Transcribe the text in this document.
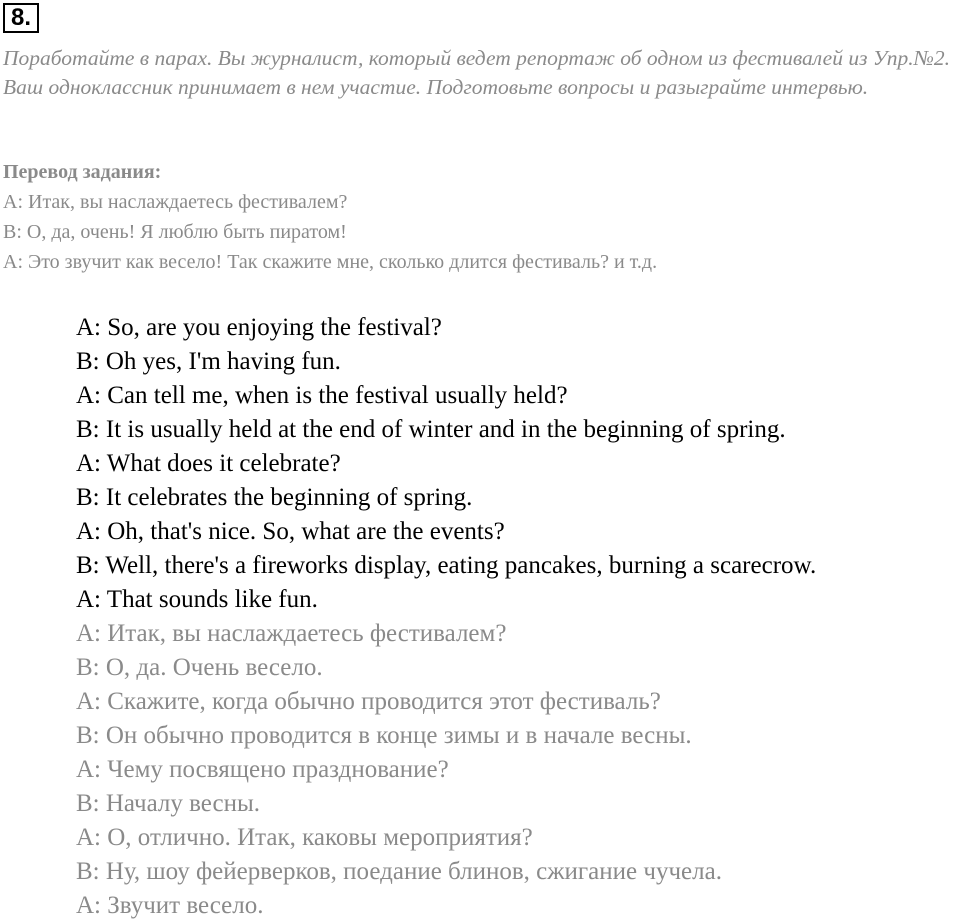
8.

Поработайте в парах. Вы журналист, который ведет репортаж об одном из фестивалей из Упр.№2. Ваш одноклассник принимает в нем участие. Подготовьте вопросы и разыграйте интервью.

Перевод задания:

А: Итак, вы наслаждаетесь фестивалем?

В: О, да, очень! Я люблю быть пиратом!

А: Это звучит как весело! Так скажите мне, сколько длится фестиваль? и т.д.

A: So, are you enjoying the festival?

B: Oh yes, I'm having fun.

A: Can tell me, when is the festival usually held?

B: It is usually held at the end of winter and in the beginning of spring.

A: What does it celebrate?

B: It celebrates the beginning of spring.

A: Oh, that's nice. So, what are the events?

B: Well, there's a fireworks display, eating pancakes, burning a scarecrow.

A: That sounds like fun.

А: Итак, вы наслаждаетесь фестивалем?

В: О, да. Очень весело.

А: Скажите, когда обычно проводится этот фестиваль?

В: Он обычно проводится в конце зимы и в начале весны.

А: Чему посвящено празднование?

В: Началу весны.

А: О, отлично. Итак, каковы мероприятия?

В: Ну, шоу фейерверков, поедание блинов, сжигание чучела.

А: Звучит весело.
